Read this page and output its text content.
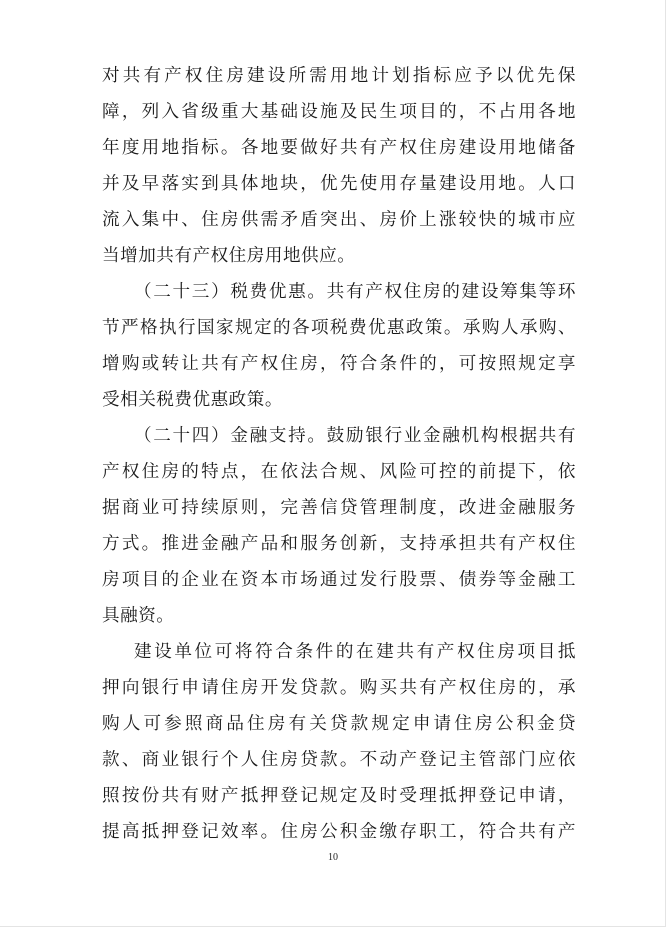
对共有产权住房建设所需用地计划指标应予以优先保
障，列入省级重大基础设施及民生项目的，不占用各地
年度用地指标。各地要做好共有产权住房建设用地储备
并及早落实到具体地块，优先使用存量建设用地。人口
流入集中、住房供需矛盾突出、房价上涨较快的城市应
当增加共有产权住房用地供应。
（二十三）税费优惠。共有产权住房的建设筹集等环
节严格执行国家规定的各项税费优惠政策。承购人承购、
增购或转让共有产权住房，符合条件的，可按照规定享
受相关税费优惠政策。
（二十四）金融支持。鼓励银行业金融机构根据共有
产权住房的特点，在依法合规、风险可控的前提下，依
据商业可持续原则，完善信贷管理制度，改进金融服务
方式。推进金融产品和服务创新，支持承担共有产权住
房项目的企业在资本市场通过发行股票、债券等金融工
具融资。
建设单位可将符合条件的在建共有产权住房项目抵
押向银行申请住房开发贷款。购买共有产权住房的，承
购人可参照商品住房有关贷款规定申请住房公积金贷
款、商业银行个人住房贷款。不动产登记主管部门应依
照按份共有财产抵押登记规定及时受理抵押登记申请，
提高抵押登记效率。住房公积金缴存职工，符合共有产
10
